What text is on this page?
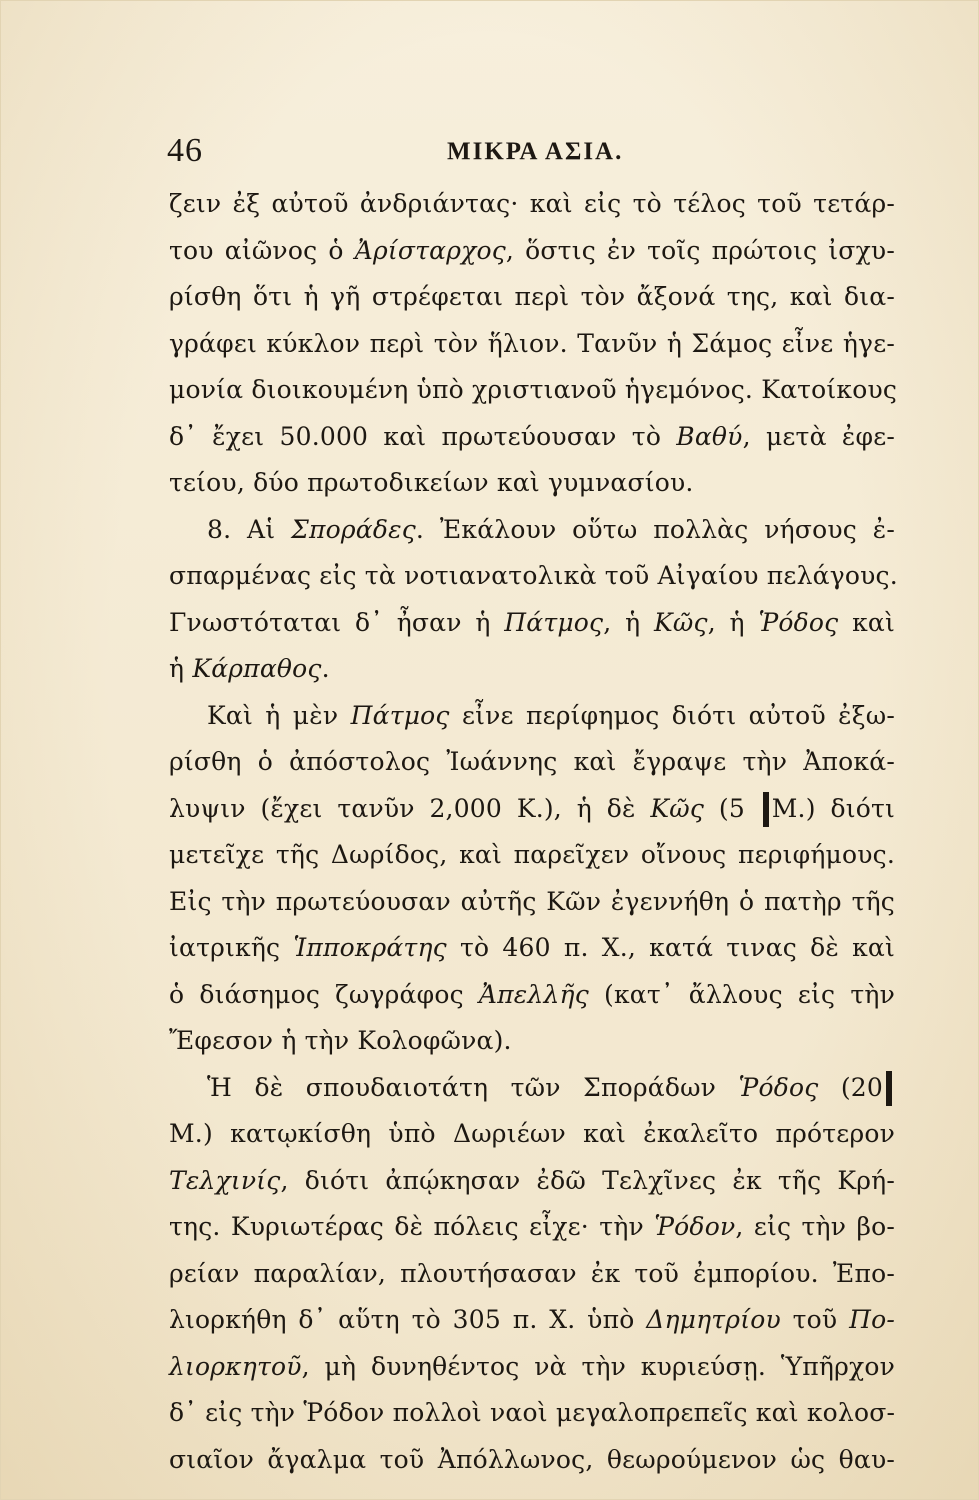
46	ΜΙΚΡΑ ΑΣΙΑ.
ζειν ἐξ αὐτοῦ ἀνδριάντας· καὶ εἰς τὸ τέλος τοῦ τετάρ-
του αἰῶνος ὁ Ἀρίσταρχος, ὅστις ἐν τοῖς πρώτοις ἰσχυ-
ρίσθη ὅτι ἡ γῆ στρέφεται περὶ τὸν ἄξονά της, καὶ δια-
γράφει κύκλον περὶ τὸν ἥλιον. Τανῦν ἡ Σάμος εἶνε ἡγε-
μονία διοικουμένη ὑπὸ χριστιανοῦ ἡγεμόνος. Κατοίκους
δ᾽ ἔχει 50.000 καὶ πρωτεύουσαν τὸ Βαθύ, μετὰ ἐφε-
τείου, δύο πρωτοδικείων καὶ γυμνασίου.
8. Αἱ Σποράδες. Ἐκάλουν οὕτω πολλὰς νήσους ἐ-
σπαρμένας εἰς τὰ νοτιανατολικὰ τοῦ Αἰγαίου πελάγους.
Γνωστόταται δ᾽ ἦσαν ἡ Πάτμος, ἡ Κῶς, ἡ Ῥόδος καὶ
ἡ Κάρπαθος.
Καὶ ἡ μὲν Πάτμος εἶνε περίφημος διότι αὐτοῦ ἐξω-
ρίσθη ὁ ἀπόστολος Ἰωάννης καὶ ἔγραψε τὴν Ἀποκά-
λυψιν (ἔχει τανῦν 2,000 Κ.), ἡ δὲ Κῶς (5 Μ.) διότι
μετεῖχε τῆς Δωρίδος, καὶ παρεῖχεν οἴνους περιφήμους.
Εἰς τὴν πρωτεύουσαν αὐτῆς Κῶν ἐγεννήθη ὁ πατὴρ τῆς
ἰατρικῆς Ἱπποκράτης τὸ 460 π. Χ., κατά τινας δὲ καὶ
ὁ διάσημος ζωγράφος Ἀπελλῆς (κατ᾽ ἄλλους εἰς τὴν
Ἔφεσον ἡ τὴν Κολοφῶνα).
Ἡ δὲ σπουδαιοτάτη τῶν Σποράδων Ῥόδος (20
Μ.) κατῳκίσθη ὑπὸ Δωριέων καὶ ἐκαλεῖτο πρότερον
Τελχινίς, διότι ἀπῴκησαν ἐδῶ Τελχῖνες ἐκ τῆς Κρή-
της. Κυριωτέρας δὲ πόλεις εἶχε· τὴν Ῥόδον, εἰς τὴν βο-
ρείαν παραλίαν, πλουτήσασαν ἐκ τοῦ ἐμπορίου. Ἐπο-
λιορκήθη δ᾽ αὕτη τὸ 305 π. Χ. ὑπὸ Δημητρίου τοῦ Πο-
λιορκητοῦ, μὴ δυνηθέντος νὰ τὴν κυριεύσῃ. Ὑπῆρχον
δ᾽ εἰς τὴν Ῥόδον πολλοὶ ναοὶ μεγαλοπρεπεῖς καὶ κολοσ-
σιαῖον ἄγαλμα τοῦ Ἀπόλλωνος, θεωρούμενον ὡς θαυ-
